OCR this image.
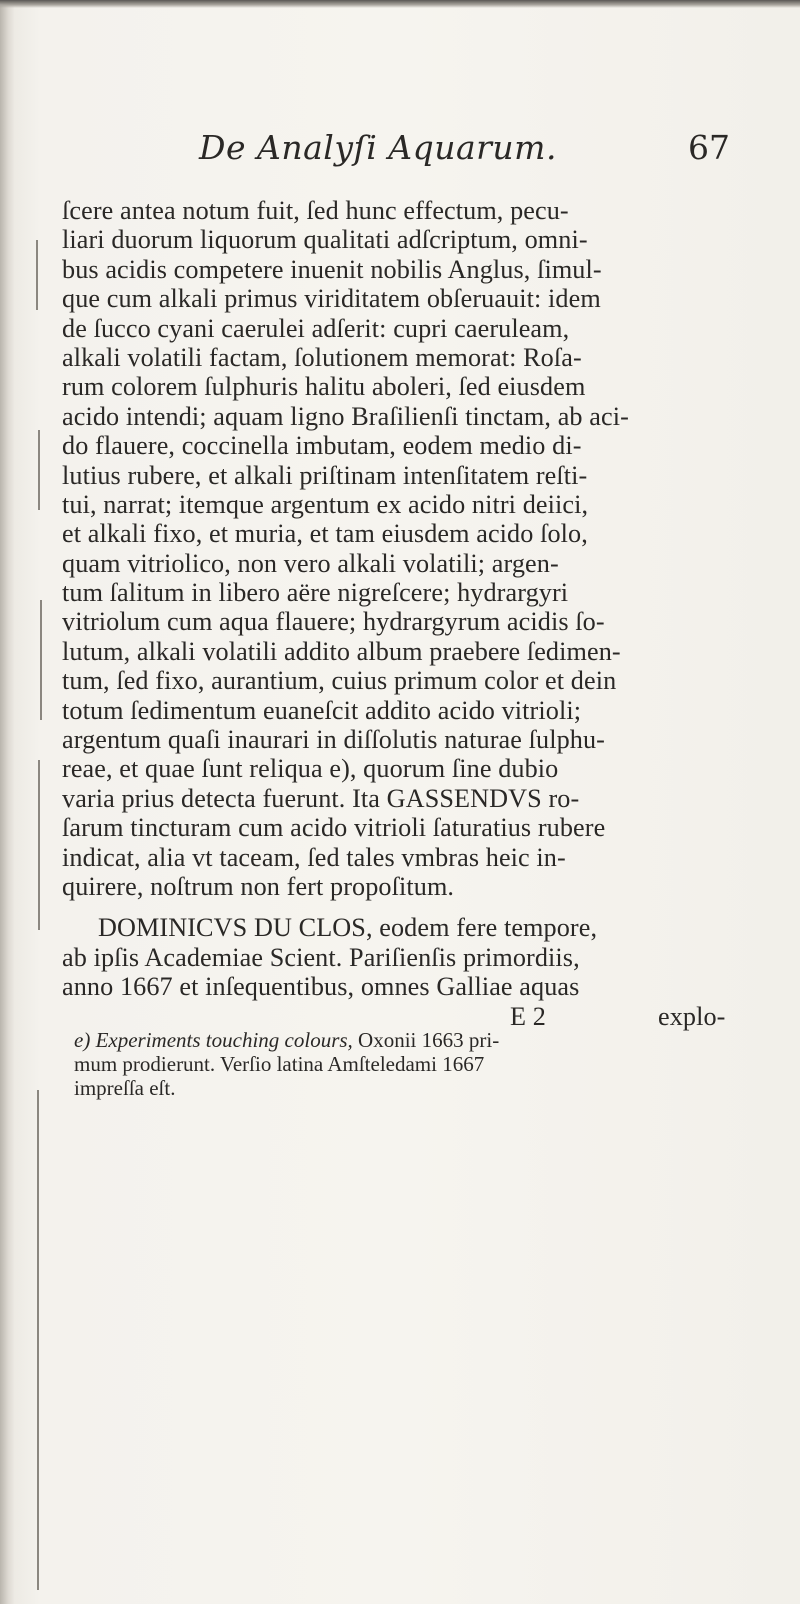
De Analyſi Aquarum.	67
ſcere antea notum fuit, ſed hunc effectum, pecu-
liari duorum liquorum qualitati adſcriptum, omni-
bus acidis competere inuenit nobilis Anglus, ſimul-
que cum alkali primus viriditatem obſeruauit: idem
de ſucco cyani caerulei adſerit: cupri caeruleam,
alkali volatili factam, ſolutionem memorat: Roſa-
rum colorem ſulphuris halitu aboleri, ſed eiusdem
acido intendi; aquam ligno Braſilienſi tinctam, ab aci-
do flauere, coccinella imbutam, eodem medio di-
lutius rubere, et alkali priſtinam intenſitatem reſti-
tui, narrat; itemque argentum ex acido nitri deiici,
et alkali fixo, et muria, et tam eiusdem acido ſolo,
quam vitriolico, non vero alkali volatili; argen-
tum ſalitum in libero aëre nigreſcere; hydrargyri
vitriolum cum aqua flauere; hydrargyrum acidis ſo-
lutum, alkali volatili addito album praebere ſedimen-
tum, ſed fixo, aurantium, cuius primum color et dein
totum ſedimentum euaneſcit addito acido vitrioli;
argentum quaſi inaurari in diſſolutis naturae ſulphu-
reae, et quae ſunt reliqua e), quorum ſine dubio
varia prius detecta fuerunt. Ita GASSENDVS ro-
ſarum tincturam cum acido vitrioli ſaturatius rubere
indicat, alia vt taceam, ſed tales vmbras heic in-
quirere, noſtrum non fert propoſitum.
DOMINICVS DU CLOS, eodem fere tempore,
ab ipſis Academiae Scient. Pariſienſis primordiis,
anno 1667 et inſequentibus, omnes Galliae aquas
E 2	explo-
e) Experiments touching colours, Oxonii 1663 pri-
mum prodierunt. Verſio latina Amſteledami 1667
impreſſa eſt.
